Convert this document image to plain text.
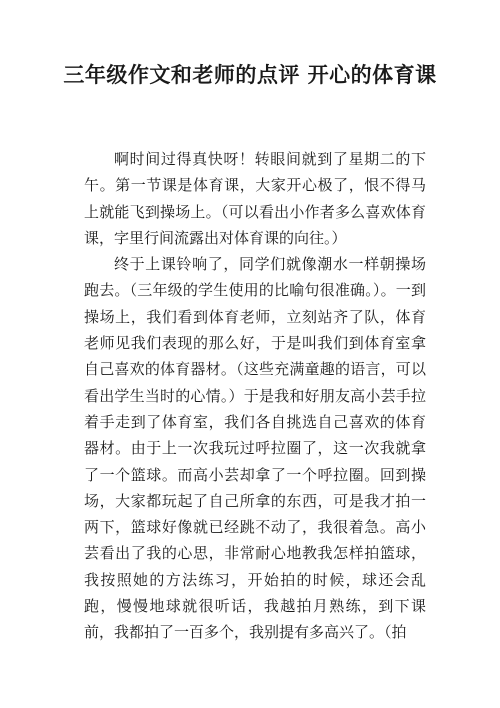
三年级作文和老师的点评 开心的体育课

啊时间过得真快呀！转眼间就到了星期二的下午。第一节课是体育课，大家开心极了，恨不得马上就能飞到操场上。（可以看出小作者多么喜欢体育课，字里行间流露出对体育课的向往。）

终于上课铃响了，同学们就像潮水一样朝操场跑去。（三年级的学生使用的比喻句很准确。）。一到操场上，我们看到体育老师，立刻站齐了队，体育老师见我们表现的那么好，于是叫我们到体育室拿自己喜欢的体育器材。（这些充满童趣的语言，可以看出学生当时的心情。）于是我和好朋友高小芸手拉着手走到了体育室，我们各自挑选自己喜欢的体育器材。由于上一次我玩过呼拉圈了，这一次我就拿了一个篮球。而高小芸却拿了一个呼拉圈。回到操场，大家都玩起了自己所拿的东西，可是我才拍一两下，篮球好像就已经跳不动了，我很着急。高小芸看出了我的心思，非常耐心地教我怎样拍篮球，我按照她的方法练习，开始拍的时候，球还会乱跑，慢慢地球就很听话，我越拍月熟练，到下课前，我都拍了一百多个，我别提有多高兴了。（拍
